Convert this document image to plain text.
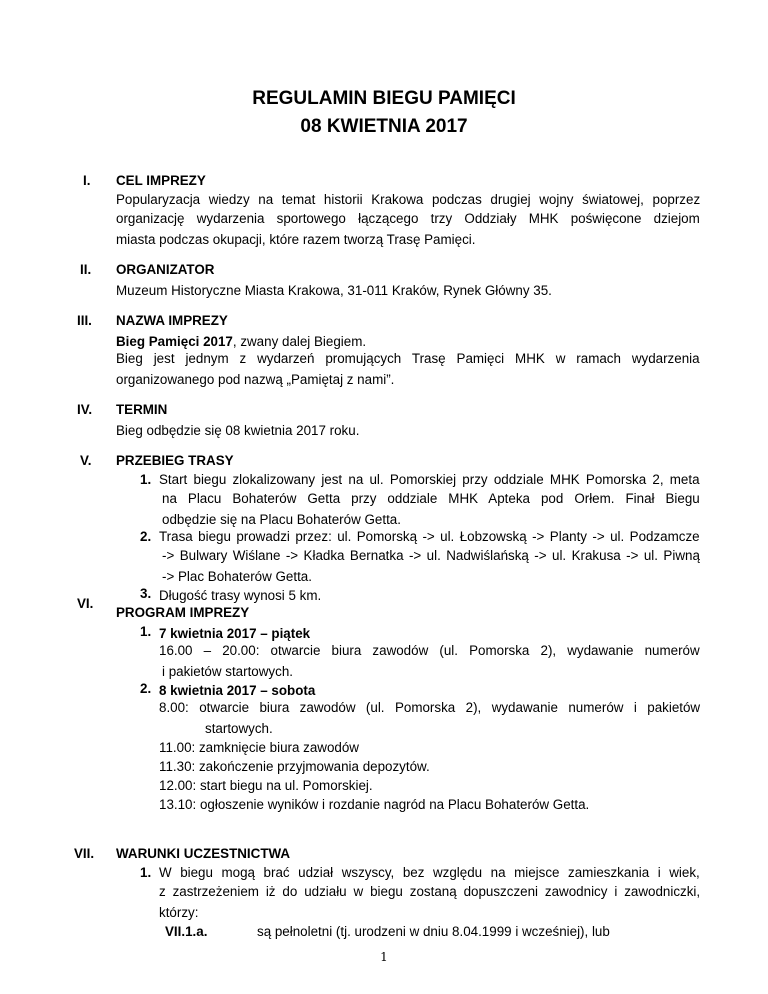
REGULAMIN BIEGU PAMIĘCI
08 KWIETNIA 2017
I.	CEL IMPREZY
Popularyzacja wiedzy na temat historii Krakowa podczas drugiej wojny światowej, poprzez
organizację wydarzenia sportowego łączącego trzy Oddziały MHK poświęcone dziejom
miasta podczas okupacji, które razem tworzą Trasę Pamięci.
II.	ORGANIZATOR
Muzeum Historyczne Miasta Krakowa, 31-011 Kraków, Rynek Główny 35.
III.	NAZWA IMPREZY
Bieg Pamięci 2017, zwany dalej Biegiem.
Bieg jest jednym z wydarzeń promujących Trasę Pamięci MHK w ramach wydarzenia
organizowanego pod nazwą „Pamiętaj z nami”.
IV.	TERMIN
Bieg odbędzie się 08 kwietnia 2017 roku.
V.	PRZEBIEG TRASY
1. Start biegu zlokalizowany jest na ul. Pomorskiej przy oddziale MHK Pomorska 2, meta
na Placu Bohaterów Getta przy oddziale MHK Apteka pod Orłem. Finał Biegu
odbędzie się na Placu Bohaterów Getta.
2. Trasa biegu prowadzi przez: ul. Pomorską -> ul. Łobzowską -> Planty -> ul. Podzamcze
-> Bulwary Wiślane -> Kładka Bernatka -> ul. Nadwiślańską -> ul. Krakusa -> ul. Piwną
-> Plac Bohaterów Getta.
3. Długość trasy wynosi 5 km.
VI.
PROGRAM IMPREZY
1. 7 kwietnia 2017 – piątek
16.00 – 20.00: otwarcie biura zawodów (ul. Pomorska 2), wydawanie numerów
i pakietów startowych.
2. 8 kwietnia 2017 – sobota
8.00: otwarcie biura zawodów (ul. Pomorska 2), wydawanie numerów i pakietów
startowych.
11.00: zamknięcie biura zawodów
11.30: zakończenie przyjmowania depozytów.
12.00: start biegu na ul. Pomorskiej.
13.10: ogłoszenie wyników i rozdanie nagród na Placu Bohaterów Getta.
VII.	WARUNKI UCZESTNICTWA
1. W biegu mogą brać udział wszyscy, bez względu na miejsce zamieszkania i wiek,
z zastrzeżeniem iż do udziału w biegu zostaną dopuszczeni zawodnicy i zawodniczki,
którzy:
VII.1.a.	są pełnoletni (tj. urodzeni w dniu 8.04.1999 i wcześniej), lub
1
